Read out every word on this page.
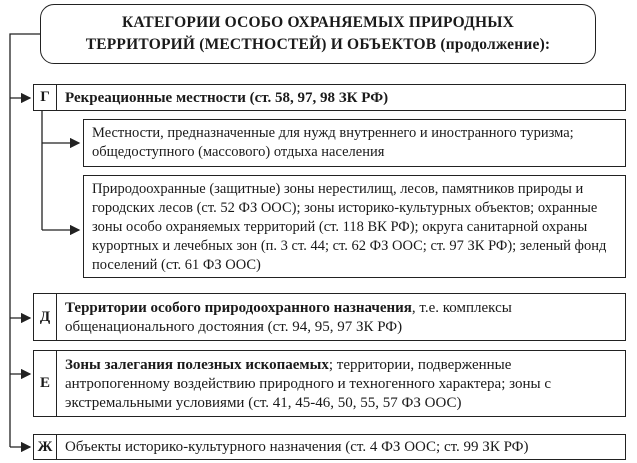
КАТЕГОРИИ ОСОБО ОХРАНЯЕМЫХ ПРИРОДНЫХ
ТЕРРИТОРИЙ (МЕСТНОСТЕЙ) И ОБЪЕКТОВ (продолжение):
Г	Рекреационные местности (ст. 58, 97, 98 ЗК РФ)
Местности, предназначенные для нужд внутреннего и иностранного туризма; общедоступного (массового) отдыха населения
Природоохранные (защитные) зоны нерестилищ, лесов, памятников природы и городских лесов (ст. 52 ФЗ ООС); зоны историко-культурных объектов; охранные зоны особо охраняемых территорий (ст. 118 ВК РФ); округа санитарной охраны курортных и лечебных зон (п. 3 ст. 44; ст. 62 ФЗ ООС; ст. 97 ЗК РФ); зеленый фонд поселений (ст. 61 ФЗ ООС)
Д
Территории особого природоохранного назначения, т.е. комплексы общенационального достояния (ст. 94, 95, 97 ЗК РФ)
Е
Зоны залегания полезных ископаемых; территории, подверженные антропогенному воздействию природного и техногенного характера; зоны с экстремальными условиями (ст. 41, 45-46, 50, 55, 57 ФЗ ООС)
Ж Объекты историко-культурного назначения (ст. 4 ФЗ ООС; ст. 99 ЗК РФ)
